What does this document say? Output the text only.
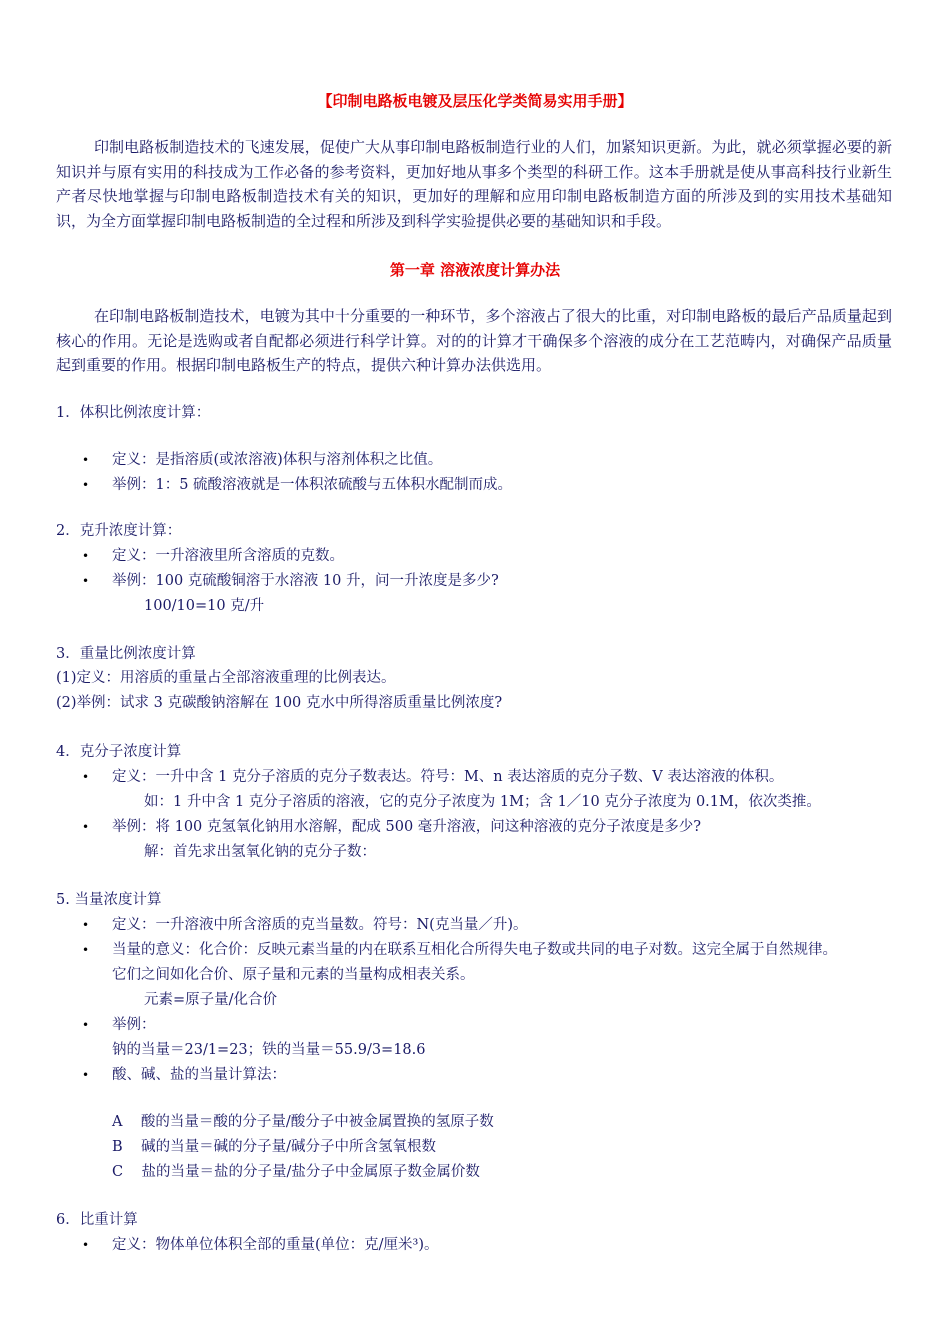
【印制电路板电镀及层压化学类简易实用手册】
印制电路板制造技术的飞速发展，促使广大从事印制电路板制造行业的人们，加紧知识更新。为此，就必须掌握必要的新知识并与原有实用的科技成为工作必备的参考资料，更加好地从事多个类型的科研工作。这本手册就是使从事高科技行业新生产者尽快地掌握与印制电路板制造技术有关的知识，更加好的理解和应用印制电路板制造方面的所涉及到的实用技术基础知识，为全方面掌握印制电路板制造的全过程和所涉及到科学实验提供必要的基础知识和手段。
第一章 溶液浓度计算办法
在印制电路板制造技术，电镀为其中十分重要的一种环节，多个溶液占了很大的比重，对印制电路板的最后产品质量起到核心的作用。无论是选购或者自配都必须进行科学计算。对的的计算才干确保多个溶液的成分在工艺范畴内，对确保产品质量起到重要的作用。根据印制电路板生产的特点，提供六种计算办法供选用。
1．体积比例浓度计算：
• 定义：是指溶质(或浓溶液)体积与溶剂体积之比值。
• 举例：1：5 硫酸溶液就是一体积浓硫酸与五体积水配制而成。
2．克升浓度计算：
• 定义：一升溶液里所含溶质的克数。
• 举例：100 克硫酸铜溶于水溶液 10 升，问一升浓度是多少?
100/10=10 克/升
3．重量比例浓度计算
(1)定义：用溶质的重量占全部溶液重理的比例表达。
(2)举例：试求 3 克碳酸钠溶解在 100 克水中所得溶质重量比例浓度?
4．克分子浓度计算
• 定义：一升中含 1 克分子溶质的克分子数表达。符号：M、n 表达溶质的克分子数、V 表达溶液的体积。
如：1 升中含 1 克分子溶质的溶液，它的克分子浓度为 1M；含 1／10 克分子浓度为 0.1M，依次类推。
• 举例：将 100 克氢氧化钠用水溶解，配成 500 毫升溶液，问这种溶液的克分子浓度是多少?
解：首先求出氢氧化钠的克分子数：
5. 当量浓度计算
• 定义：一升溶液中所含溶质的克当量数。符号：N(克当量／升)。
• 当量的意义：化合价：反映元素当量的内在联系互相化合所得失电子数或共同的电子对数。这完全属于自然规律。
它们之间如化合价、原子量和元素的当量构成相表关系。
元素=原子量/化合价
• 举例：
钠的当量＝23/1=23；铁的当量＝55.9/3=18.6
• 酸、碱、盐的当量计算法：
A    酸的当量＝酸的分子量/酸分子中被金属置换的氢原子数
B    碱的当量＝碱的分子量/碱分子中所含氢氧根数
C    盐的当量＝盐的分子量/盐分子中金属原子数金属价数
6．比重计算
• 定义：物体单位体积全部的重量(单位：克/厘米³)。
